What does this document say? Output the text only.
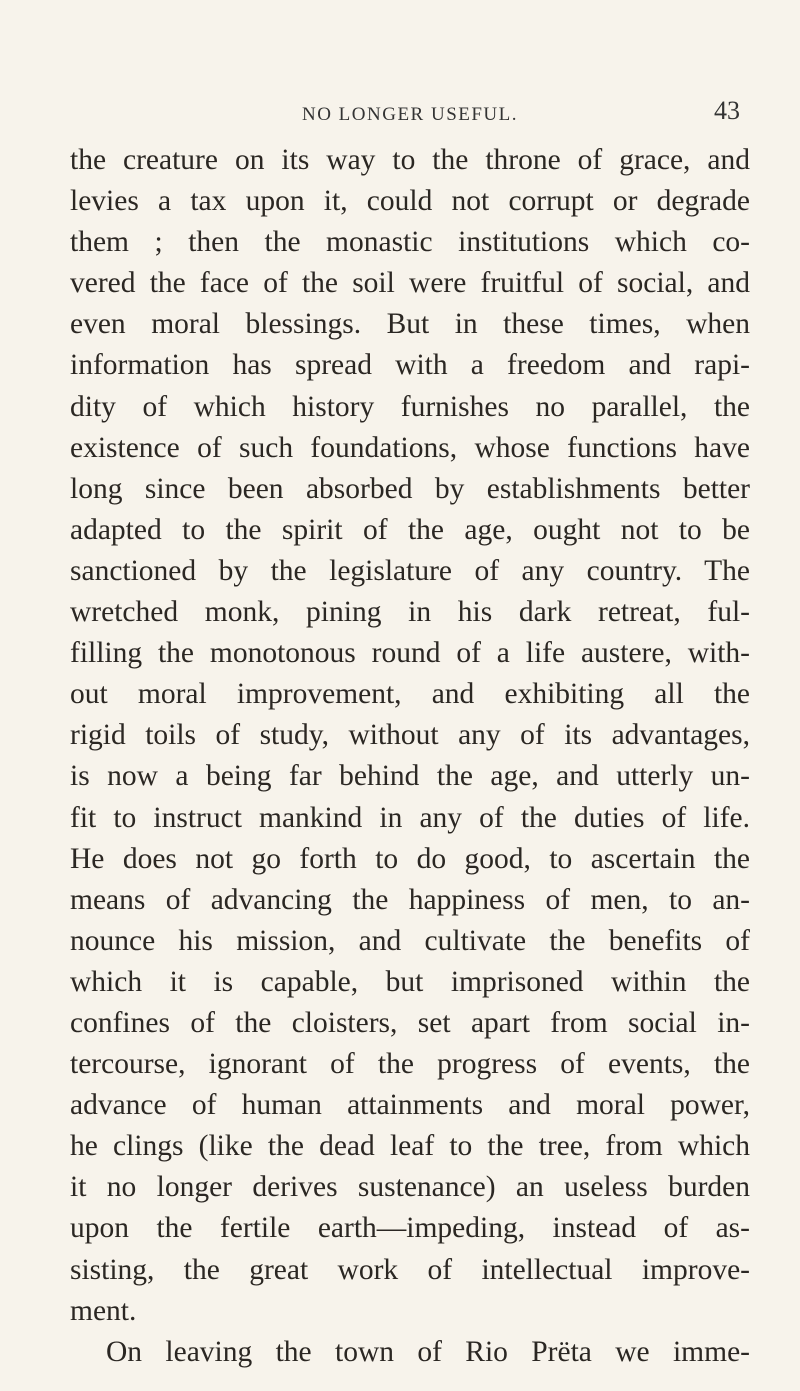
NO LONGER USEFUL.	43
the creature on its way to the throne of grace, and
levies a tax upon it, could not corrupt or degrade
them ; then the monastic institutions which co-
vered the face of the soil were fruitful of social, and
even moral blessings. But in these times, when
information has spread with a freedom and rapi-
dity of which history furnishes no parallel, the
existence of such foundations, whose functions have
long since been absorbed by establishments better
adapted to the spirit of the age, ought not to be
sanctioned by the legislature of any country. The
wretched monk, pining in his dark retreat, ful-
filling the monotonous round of a life austere, with-
out moral improvement, and exhibiting all the
rigid toils of study, without any of its advantages,
is now a being far behind the age, and utterly un-
fit to instruct mankind in any of the duties of life.
He does not go forth to do good, to ascertain the
means of advancing the happiness of men, to an-
nounce his mission, and cultivate the benefits of
which it is capable, but imprisoned within the
confines of the cloisters, set apart from social in-
tercourse, ignorant of the progress of events, the
advance of human attainments and moral power,
he clings (like the dead leaf to the tree, from which
it no longer derives sustenance) an useless burden
upon the fertile earth—impeding, instead of as-
sisting, the great work of intellectual improve-
ment.
On leaving the town of Rio Prëta we imme-
